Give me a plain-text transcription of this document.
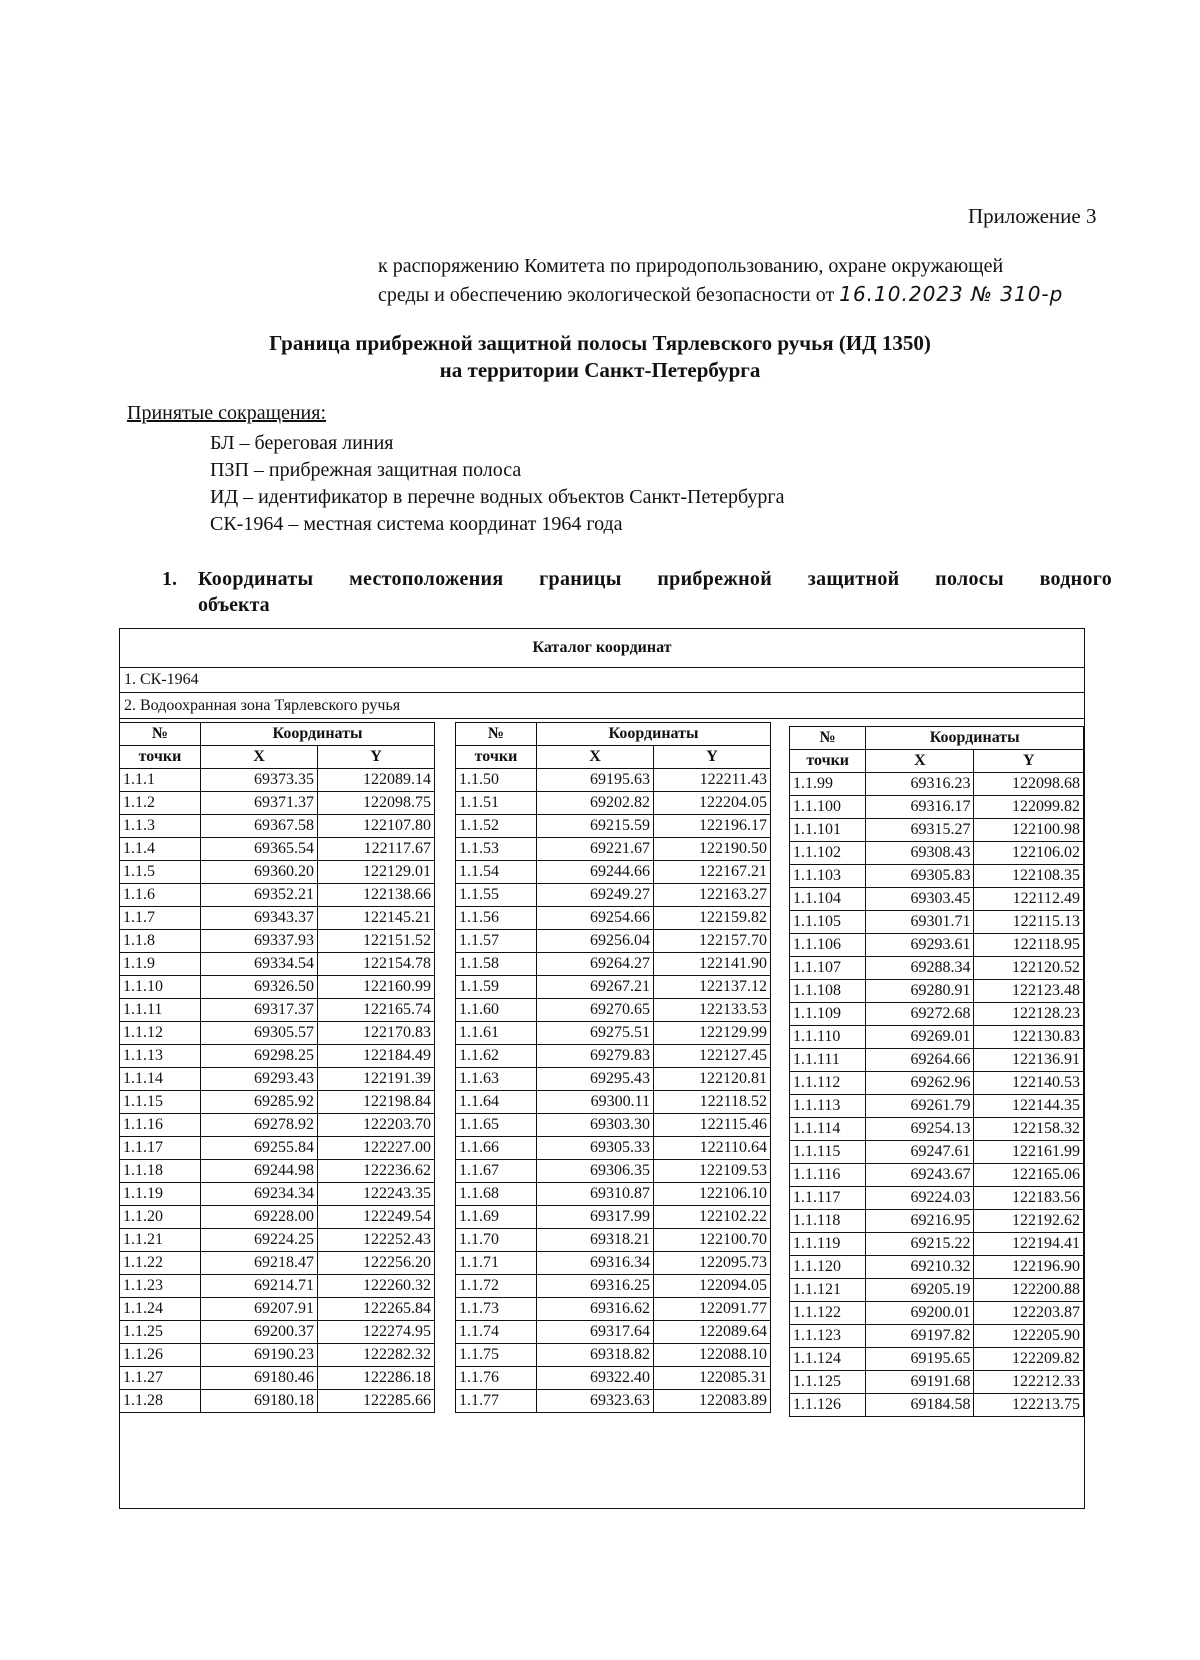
Приложение 3
к распоряжению Комитета по природопользованию, охране окружающей
среды и обеспечению экологической безопасности от 16.10.2023 № 310-р
Граница прибрежной защитной полосы Тярлевского ручья (ИД 1350)
на территории Санкт-Петербурга
Принятые сокращения:
БЛ – береговая линия
ПЗП – прибрежная защитная полоса
ИД – идентификатор в перечне водных объектов Санкт-Петербурга
СК-1964 – местная система координат 1964 года
1. Координаты местоположения границы прибрежной защитной полосы водного
объекта
Каталог координат
1. СК-1964
2. Водоохранная зона Тярлевского ручья
№	Координаты	
точки	X	Y
1.1.1	69373.35	122089.14
1.1.2	69371.37	122098.75
1.1.3	69367.58	122107.80
1.1.4	69365.54	122117.67
1.1.5	69360.20	122129.01
1.1.6	69352.21	122138.66
1.1.7	69343.37	122145.21
1.1.8	69337.93	122151.52
1.1.9	69334.54	122154.78
1.1.10	69326.50	122160.99
1.1.11	69317.37	122165.74
1.1.12	69305.57	122170.83
1.1.13	69298.25	122184.49
1.1.14	69293.43	122191.39
1.1.15	69285.92	122198.84
1.1.16	69278.92	122203.70
1.1.17	69255.84	122227.00
1.1.18	69244.98	122236.62
1.1.19	69234.34	122243.35
1.1.20	69228.00	122249.54
1.1.21	69224.25	122252.43
1.1.22	69218.47	122256.20
1.1.23	69214.71	122260.32
1.1.24	69207.91	122265.84
1.1.25	69200.37	122274.95
1.1.26	69190.23	122282.32
1.1.27	69180.46	122286.18
1.1.28	69180.18	122285.66
№	Координаты	
точки	X	Y
1.1.50	69195.63	122211.43
1.1.51	69202.82	122204.05
1.1.52	69215.59	122196.17
1.1.53	69221.67	122190.50
1.1.54	69244.66	122167.21
1.1.55	69249.27	122163.27
1.1.56	69254.66	122159.82
1.1.57	69256.04	122157.70
1.1.58	69264.27	122141.90
1.1.59	69267.21	122137.12
1.1.60	69270.65	122133.53
1.1.61	69275.51	122129.99
1.1.62	69279.83	122127.45
1.1.63	69295.43	122120.81
1.1.64	69300.11	122118.52
1.1.65	69303.30	122115.46
1.1.66	69305.33	122110.64
1.1.67	69306.35	122109.53
1.1.68	69310.87	122106.10
1.1.69	69317.99	122102.22
1.1.70	69318.21	122100.70
1.1.71	69316.34	122095.73
1.1.72	69316.25	122094.05
1.1.73	69316.62	122091.77
1.1.74	69317.64	122089.64
1.1.75	69318.82	122088.10
1.1.76	69322.40	122085.31
1.1.77	69323.63	122083.89
№	Координаты	
точки	X	Y
1.1.99	69316.23	122098.68
1.1.100	69316.17	122099.82
1.1.101	69315.27	122100.98
1.1.102	69308.43	122106.02
1.1.103	69305.83	122108.35
1.1.104	69303.45	122112.49
1.1.105	69301.71	122115.13
1.1.106	69293.61	122118.95
1.1.107	69288.34	122120.52
1.1.108	69280.91	122123.48
1.1.109	69272.68	122128.23
1.1.110	69269.01	122130.83
1.1.111	69264.66	122136.91
1.1.112	69262.96	122140.53
1.1.113	69261.79	122144.35
1.1.114	69254.13	122158.32
1.1.115	69247.61	122161.99
1.1.116	69243.67	122165.06
1.1.117	69224.03	122183.56
1.1.118	69216.95	122192.62
1.1.119	69215.22	122194.41
1.1.120	69210.32	122196.90
1.1.121	69205.19	122200.88
1.1.122	69200.01	122203.87
1.1.123	69197.82	122205.90
1.1.124	69195.65	122209.82
1.1.125	69191.68	122212.33
1.1.126	69184.58	122213.75
